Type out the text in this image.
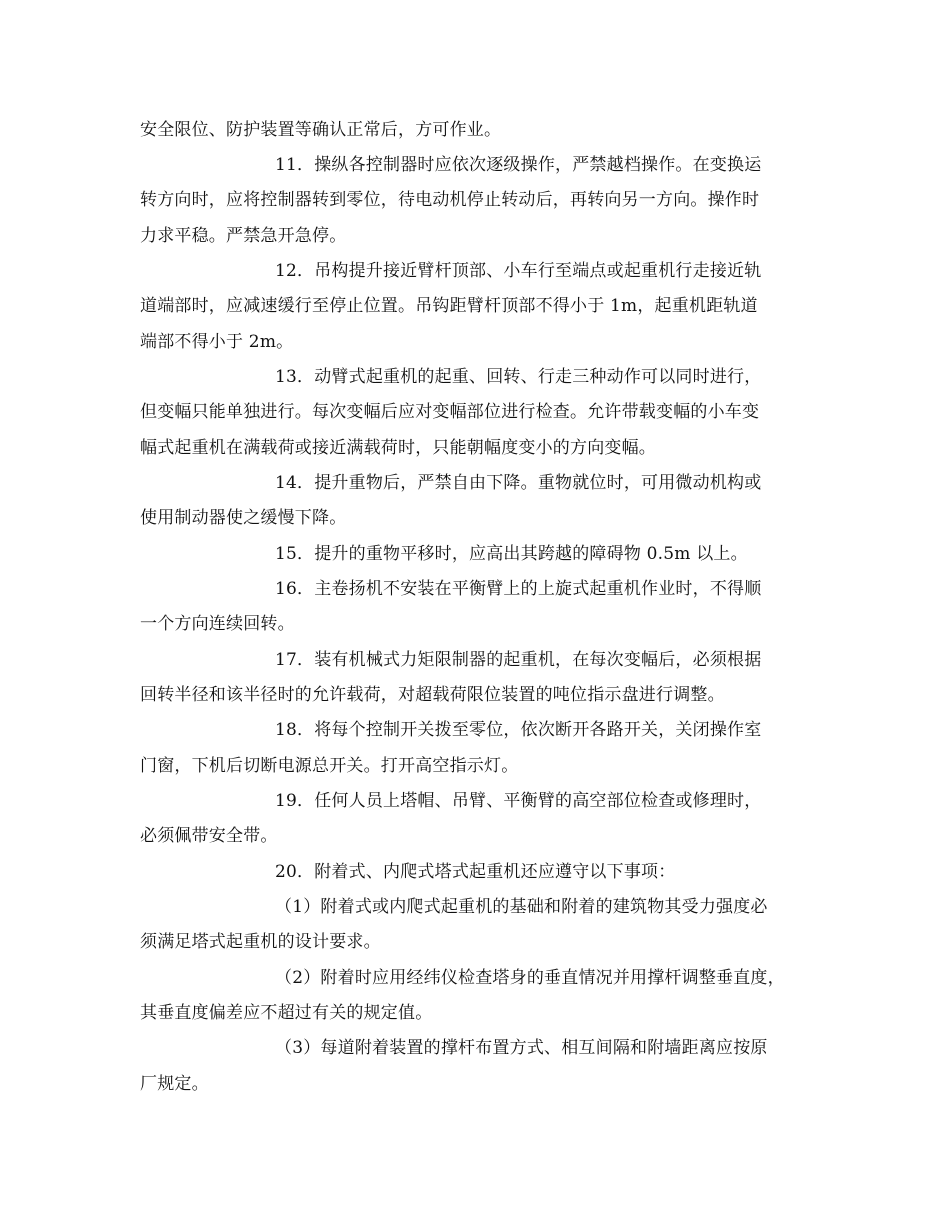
安全限位、防护装置等确认正常后，方可作业。
11．操纵各控制器时应依次逐级操作，严禁越档操作。在变换运
转方向时，应将控制器转到零位，待电动机停止转动后，再转向另一方向。操作时
力求平稳。严禁急开急停。
12．吊构提升接近臂杆顶部、小车行至端点或起重机行走接近轨
道端部时，应减速缓行至停止位置。吊钩距臂杆顶部不得小于 1m，起重机距轨道
端部不得小于 2m。
13．动臂式起重机的起重、回转、行走三种动作可以同时进行，
但变幅只能单独进行。每次变幅后应对变幅部位进行检查。允许带载变幅的小车变
幅式起重机在满载荷或接近满载荷时，只能朝幅度变小的方向变幅。
14．提升重物后，严禁自由下降。重物就位时，可用微动机构或
使用制动器使之缓慢下降。
15．提升的重物平移时，应高出其跨越的障碍物 0.5m 以上。
16．主卷扬机不安装在平衡臂上的上旋式起重机作业时，不得顺
一个方向连续回转。
17．装有机械式力矩限制器的起重机，在每次变幅后，必须根据
回转半径和该半径时的允许载荷，对超载荷限位装置的吨位指示盘进行调整。
18．将每个控制开关拨至零位，依次断开各路开关，关闭操作室
门窗，下机后切断电源总开关。打开高空指示灯。
19．任何人员上塔帽、吊臂、平衡臂的高空部位检查或修理时，
必须佩带安全带。
20．附着式、内爬式塔式起重机还应遵守以下事项：
（1）附着式或内爬式起重机的基础和附着的建筑物其受力强度必
须满足塔式起重机的设计要求。
（2）附着时应用经纬仪检查塔身的垂直情况并用撑杆调整垂直度，
其垂直度偏差应不超过有关的规定值。
（3）每道附着装置的撑杆布置方式、相互间隔和附墙距离应按原
厂规定。
